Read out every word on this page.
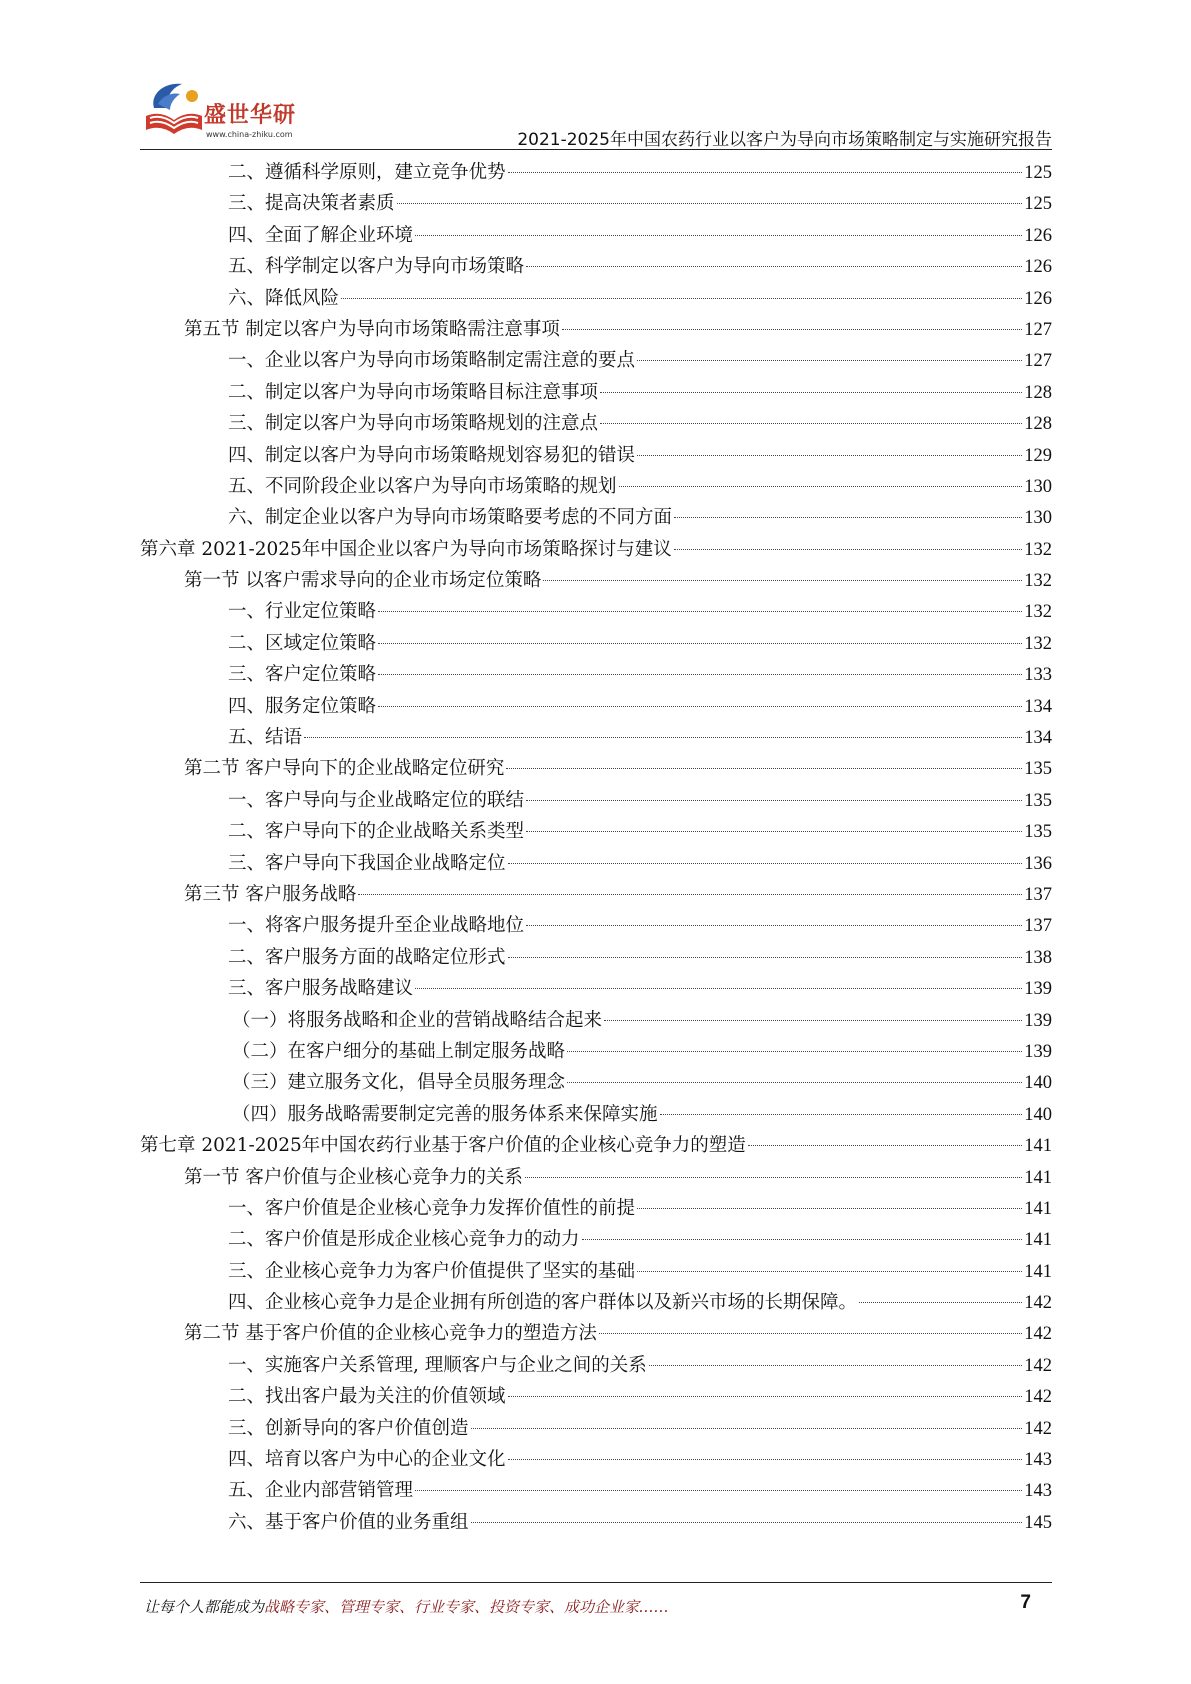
盛世华研
www.china-zhiku.com	2021-2025年中国农药行业以客户为导向市场策略制定与实施研究报告
二、遵循科学原则，建立竞争优势	125
三、提高决策者素质	125
四、全面了解企业环境	126
五、科学制定以客户为导向市场策略	126
六、降低风险	126
第五节 制定以客户为导向市场策略需注意事项	127
一、企业以客户为导向市场策略制定需注意的要点	127
二、制定以客户为导向市场策略目标注意事项	128
三、制定以客户为导向市场策略规划的注意点	128
四、制定以客户为导向市场策略规划容易犯的错误	129
五、不同阶段企业以客户为导向市场策略的规划	130
六、制定企业以客户为导向市场策略要考虑的不同方面	130
第六章 2021-2025年中国企业以客户为导向市场策略探讨与建议	132
第一节 以客户需求导向的企业市场定位策略	132
一、行业定位策略	132
二、区域定位策略	132
三、客户定位策略	133
四、服务定位策略	134
五、结语	134
第二节 客户导向下的企业战略定位研究	135
一、客户导向与企业战略定位的联结	135
二、客户导向下的企业战略关系类型	135
三、客户导向下我国企业战略定位	136
第三节 客户服务战略	137
一、将客户服务提升至企业战略地位	137
二、客户服务方面的战略定位形式	138
三、客户服务战略建议	139
（一）将服务战略和企业的营销战略结合起来	139
（二）在客户细分的基础上制定服务战略	139
（三）建立服务文化，倡导全员服务理念	140
（四）服务战略需要制定完善的服务体系来保障实施	140
第七章 2021-2025年中国农药行业基于客户价值的企业核心竞争力的塑造	141
第一节 客户价值与企业核心竞争力的关系	141
一、客户价值是企业核心竞争力发挥价值性的前提	141
二、客户价值是形成企业核心竞争力的动力	141
三、企业核心竞争力为客户价值提供了坚实的基础	141
四、企业核心竞争力是企业拥有所创造的客户群体以及新兴市场的长期保障。	142
第二节 基于客户价值的企业核心竞争力的塑造方法	142
一、实施客户关系管理, 理顺客户与企业之间的关系	142
二、找出客户最为关注的价值领域	142
三、创新导向的客户价值创造	142
四、培育以客户为中心的企业文化	143
五、企业内部营销管理	143
六、基于客户价值的业务重组	145
让每个人都能成为战略专家、管理专家、行业专家、投资专家、成功企业家……	7
